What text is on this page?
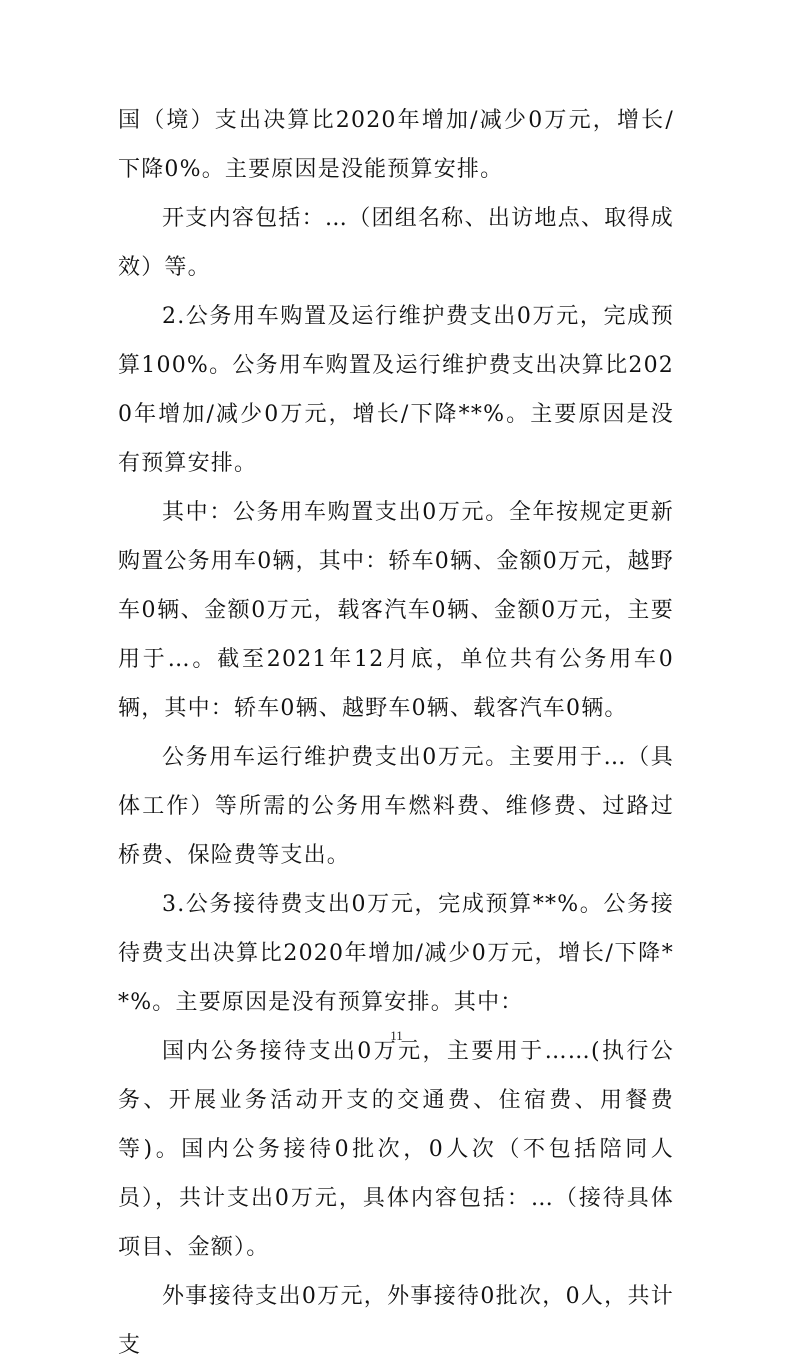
国（境）支出决算比2020年增加/减少0万元，增长/下降0%。主要原因是没能预算安排。

开支内容包括：…（团组名称、出访地点、取得成效）等。

2.公务用车购置及运行维护费支出0万元，完成预算100%。公务用车购置及运行维护费支出决算比2020年增加/减少0万元，增长/下降**%。主要原因是没有预算安排。

其中：公务用车购置支出0万元。全年按规定更新购置公务用车0辆，其中：轿车0辆、金额0万元，越野车0辆、金额0万元，载客汽车0辆、金额0万元，主要用于…。截至2021年12月底，单位共有公务用车0辆，其中：轿车0辆、越野车0辆、载客汽车0辆。

公务用车运行维护费支出0万元。主要用于…（具体工作）等所需的公务用车燃料费、维修费、过路过桥费、保险费等支出。

3.公务接待费支出0万元，完成预算**%。公务接待费支出决算比2020年增加/减少0万元，增长/下降**%。主要原因是没有预算安排。其中：

国内公务接待支出0万元，主要用于……(执行公务、开展业务活动开支的交通费、住宿费、用餐费等)。国内公务接待0批次，0人次（不包括陪同人员），共计支出0万元，具体内容包括：…（接待具体项目、金额）。

外事接待支出0万元，外事接待0批次，0人，共计支

11
